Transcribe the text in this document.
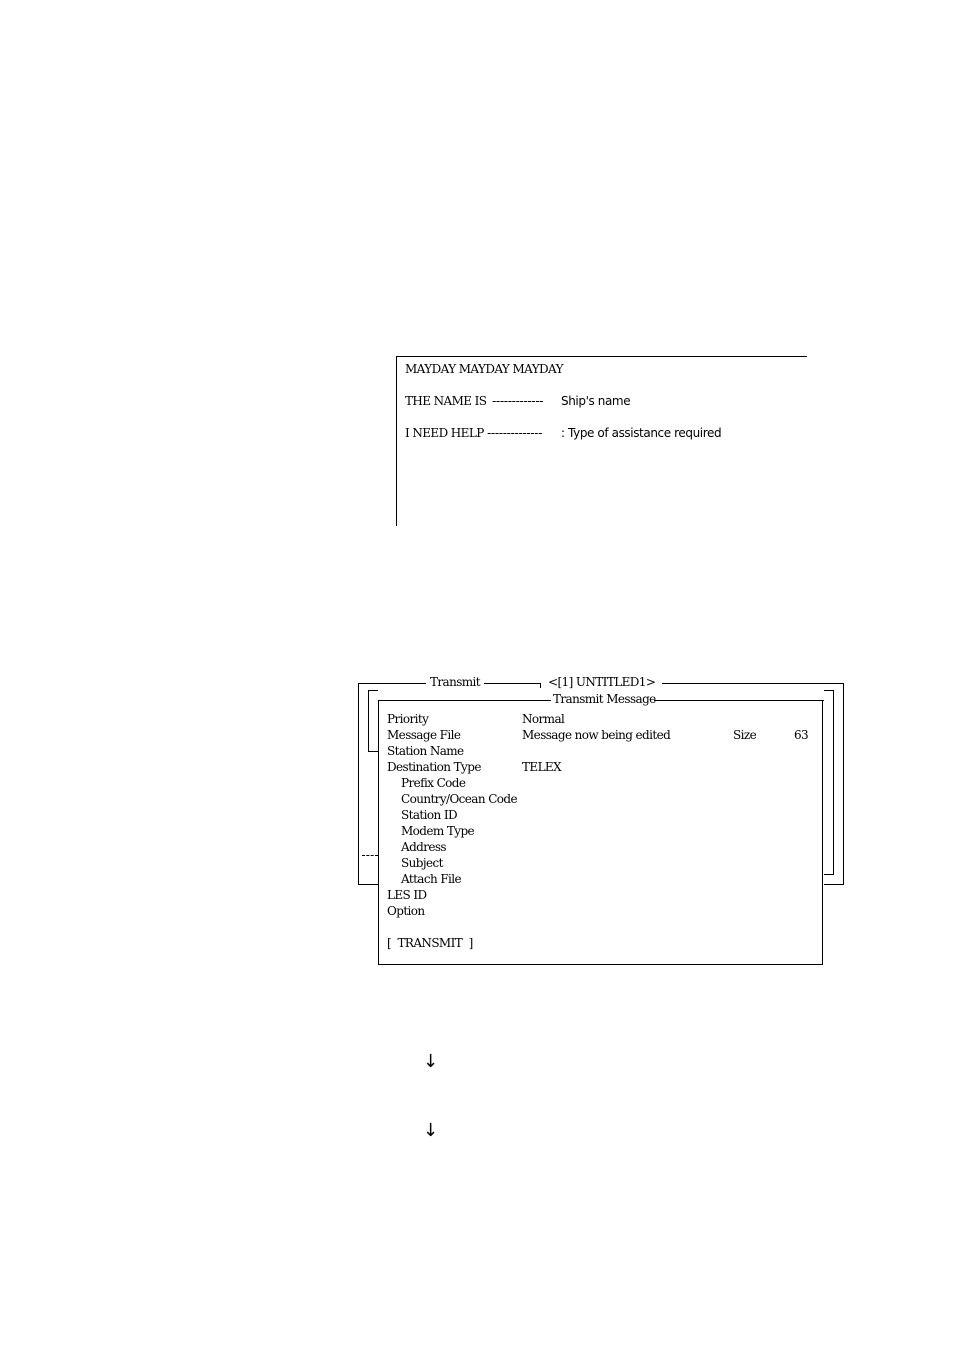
MAYDAY MAYDAY MAYDAY
THE NAME IS ------------- Ship's name
I NEED HELP -------------- : Type of assistance required
Transmit	<[1] UNTITLED1>
Transmit Message
Priority	Normal
Message File	Message now being edited	Size	63
Station Name
Destination Type	TELEX
Prefix Code
Country/Ocean Code
Station ID
Modem Type
Address
Subject
Attach File
LES ID
Option
[  TRANSMIT  ]
↓
↓
